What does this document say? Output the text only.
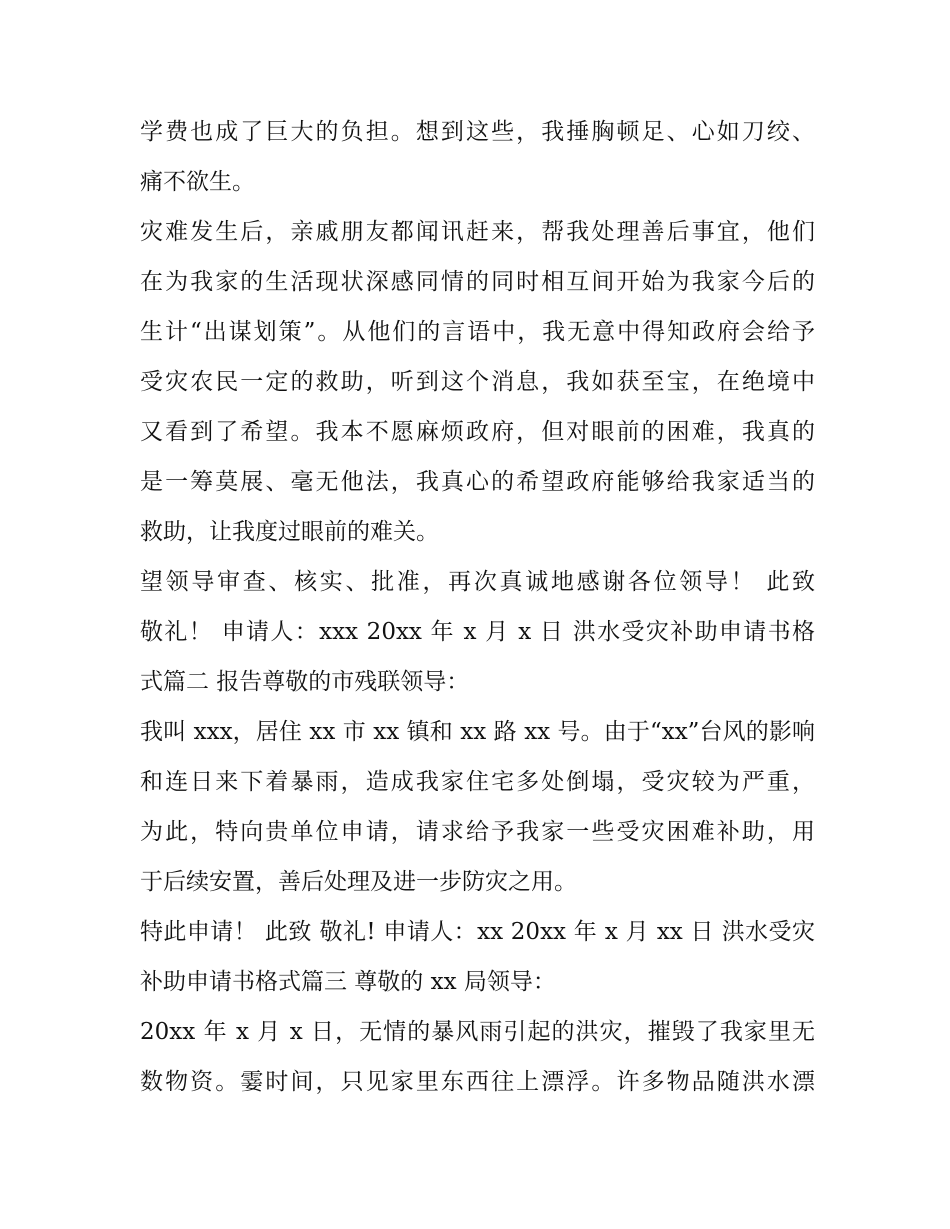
学费也成了巨大的负担。想到这些，我捶胸顿足、心如刀绞、
痛不欲生。
灾难发生后，亲戚朋友都闻讯赶来，帮我处理善后事宜，他们
在为我家的生活现状深感同情的同时相互间开始为我家今后的
生计“出谋划策”。从他们的言语中，我无意中得知政府会给予
受灾农民一定的救助，听到这个消息，我如获至宝，在绝境中
又看到了希望。我本不愿麻烦政府，但对眼前的困难，我真的
是一筹莫展、毫无他法，我真心的希望政府能够给我家适当的
救助，让我度过眼前的难关。
望领导审查、核实、批准，再次真诚地感谢各位领导！ 此致
敬礼！ 申请人：xxx 20xx 年 x 月 x 日 洪水受灾补助申请书格
式篇二 报告尊敬的市残联领导：
我叫 xxx，居住 xx 市 xx 镇和 xx 路 xx 号。由于“xx”台风的影响
和连日来下着暴雨，造成我家住宅多处倒塌，受灾较为严重，
为此，特向贵单位申请，请求给予我家一些受灾困难补助，用
于后续安置，善后处理及进一步防灾之用。
特此申请！ 此致 敬礼! 申请人：xx 20xx 年 x 月 xx 日 洪水受灾
补助申请书格式篇三 尊敬的 xx 局领导：
20xx 年 x 月 x 日，无情的暴风雨引起的洪灾，摧毁了我家里无
数物资。霎时间，只见家里东西往上漂浮。许多物品随洪水漂
